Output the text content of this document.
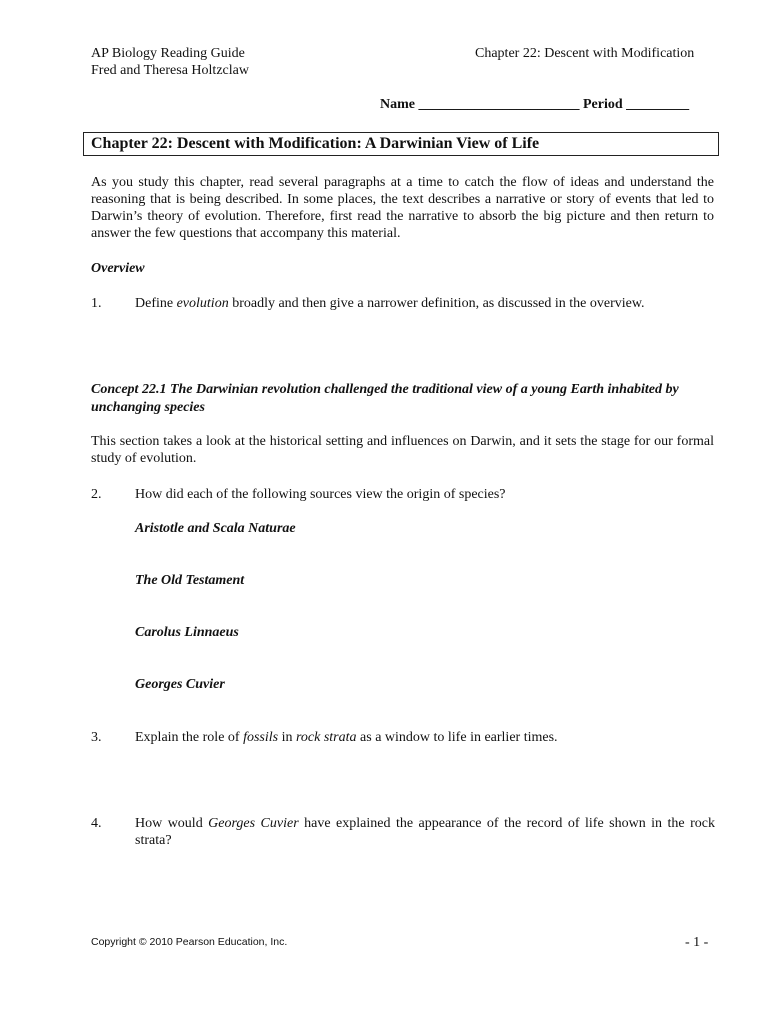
AP Biology Reading Guide
Fred and Theresa Holtzclaw
Chapter 22: Descent with Modification
Name _______________________ Period _________
Chapter 22: Descent with Modification: A Darwinian View of Life
As you study this chapter, read several paragraphs at a time to catch the flow of ideas and understand the reasoning that is being described. In some places, the text describes a narrative or story of events that led to Darwin’s theory of evolution. Therefore, first read the narrative to absorb the big picture and then return to answer the few questions that accompany this material.
Overview
1. Define evolution broadly and then give a narrower definition, as discussed in the overview.
Concept 22.1 The Darwinian revolution challenged the traditional view of a young Earth inhabited by unchanging species
This section takes a look at the historical setting and influences on Darwin, and it sets the stage for our formal study of evolution.
2. How did each of the following sources view the origin of species?
Aristotle and Scala Naturae
The Old Testament
Carolus Linnaeus
Georges Cuvier
3. Explain the role of fossils in rock strata as a window to life in earlier times.
4. How would Georges Cuvier have explained the appearance of the record of life shown in the rock strata?
Copyright © 2010 Pearson Education, Inc.	- 1 -
